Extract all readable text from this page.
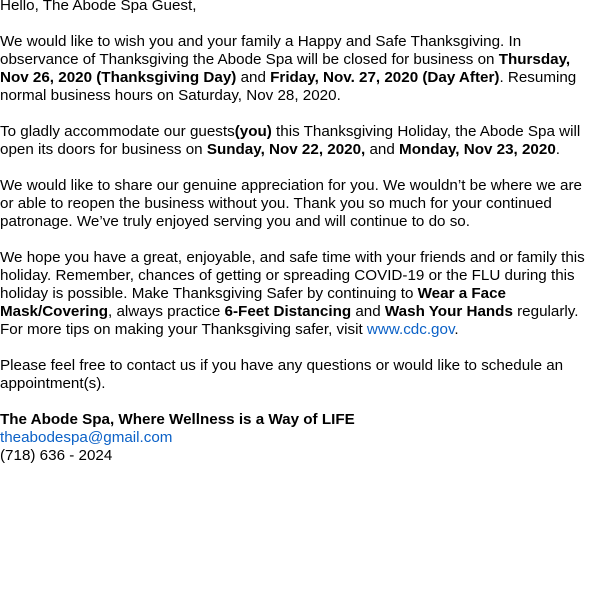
Hello, The Abode Spa Guest,

We would like to wish you and your family a Happy and Safe Thanksgiving. In observance of Thanksgiving the Abode Spa will be closed for business on Thursday, Nov 26, 2020 (Thanksgiving Day) and Friday, Nov. 27, 2020 (Day After). Resuming normal business hours on Saturday, Nov 28, 2020.

To gladly accommodate our guests(you) this Thanksgiving Holiday, the Abode Spa will open its doors for business on Sunday, Nov 22, 2020, and Monday, Nov 23, 2020.

We would like to share our genuine appreciation for you. We wouldn’t be where we are or able to reopen the business without you. Thank you so much for your continued patronage. We’ve truly enjoyed serving you and will continue to do so.

We hope you have a great, enjoyable, and safe time with your friends and or family this holiday. Remember, chances of getting or spreading COVID-19 or the FLU during this holiday is possible. Make Thanksgiving Safer by continuing to Wear a Face Mask/Covering, always practice 6-Feet Distancing and Wash Your Hands regularly. For more tips on making your Thanksgiving safer, visit www.cdc.gov.

Please feel free to contact us if you have any questions or would like to schedule an appointment(s).

The Abode Spa, Where Wellness is a Way of LIFE
theabodespa@gmail.com
(718) 636 - 2024
